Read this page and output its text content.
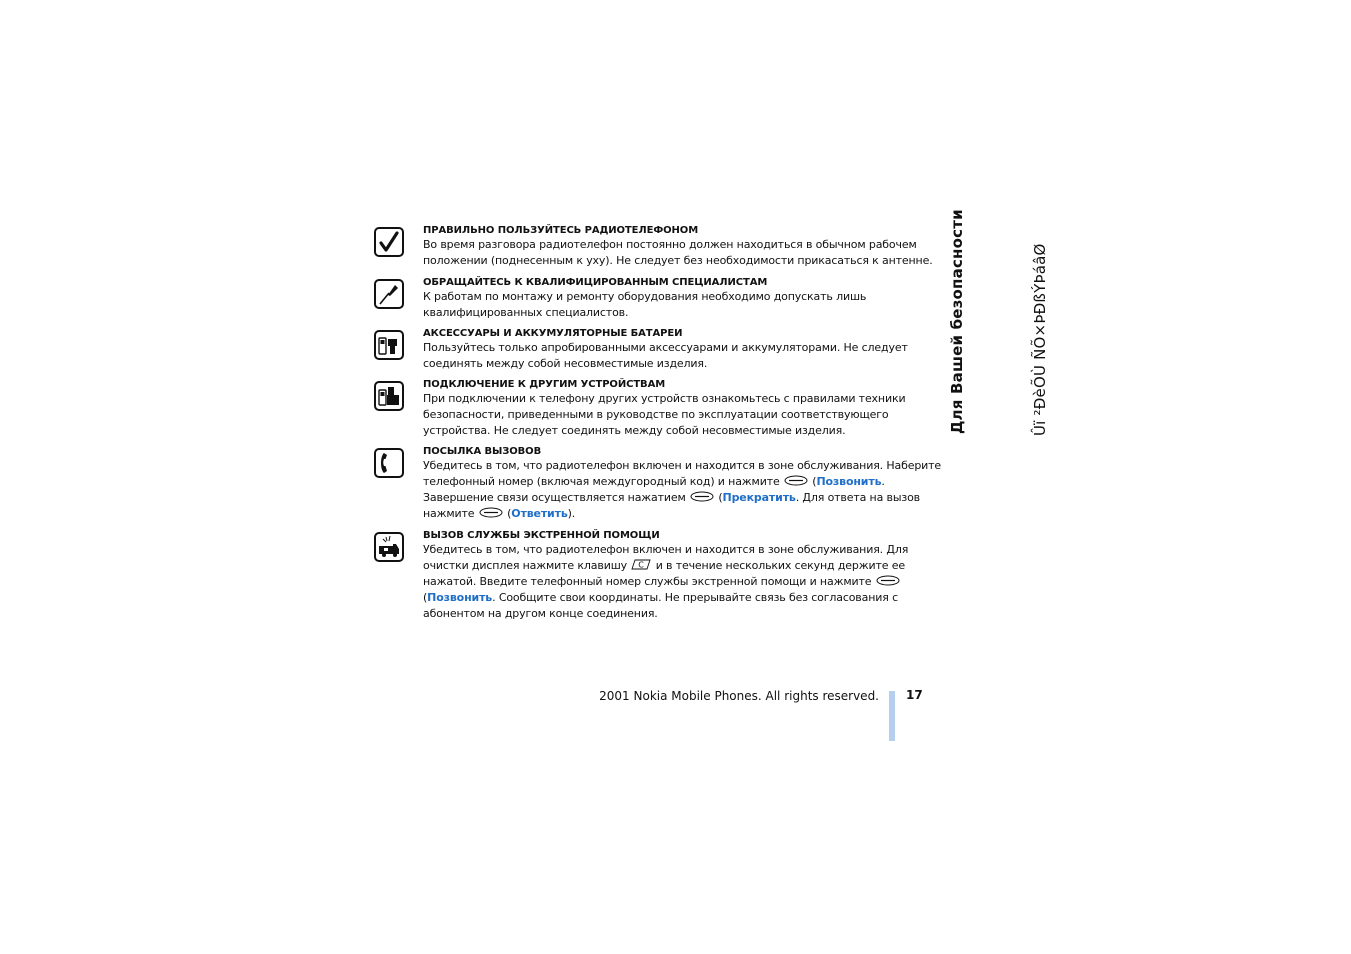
ПРАВИЛЬНО ПОЛЬЗУЙТЕСЬ РАДИОТЕЛЕФОНОМ
Во время разговора радиотелефон постоянно должен находиться в обычном рабочем положении (поднесенным к уху). Не следует без необходимости прикасаться к антенне.
ОБРАЩАЙТЕСЬ К КВАЛИФИЦИРОВАННЫМ СПЕЦИАЛИСТАМ
К работам по монтажу и ремонту оборудования необходимо допускать лишь квалифицированных специалистов.
АКСЕССУАРЫ И АККУМУЛЯТОРНЫЕ БАТАРЕИ
Пользуйтесь только апробированными аксессуарами и аккумуляторами. Не следует соединять между собой несовместимые изделия.
ПОДКЛЮЧЕНИЕ К ДРУГИМ УСТРОЙСТВАМ
При подключении к телефону других устройств ознакомьтесь с правилами техники безопасности, приведенными в руководстве по эксплуатации соответствующего устройства. Не следует соединять между собой несовместимые изделия.
ПОСЫЛКА ВЫЗОВОВ
Убедитесь в том, что радиотелефон включен и находится в зоне обслуживания. Наберите телефонный номер (включая междугородный код) и нажмите	(Позвонить. Завершение связи осуществляется нажатием	(Прекратить. Для ответа на вызов нажмите	(Ответить).
ВЫЗОВ СЛУЖБЫ ЭКСТРЕННОЙ ПОМОЩИ
Убедитесь в том, что радиотелефон включен и находится в зоне обслуживания. Для очистки дисплея нажмите клавишу C и в течение нескольких секунд держите ее нажатой. Введите телефонный номер службы экстренной помощи и нажмите
(Позвонить. Сообщите свои координаты. Не прерывайте связь без согласования с абонентом на другом конце соединения.
Для Вашей безопасности	Ûï ²ÐèÕÙ ÑÕ×ÞÐßÝÞáâØ
2001 Nokia Mobile Phones. All rights reserved. 17
